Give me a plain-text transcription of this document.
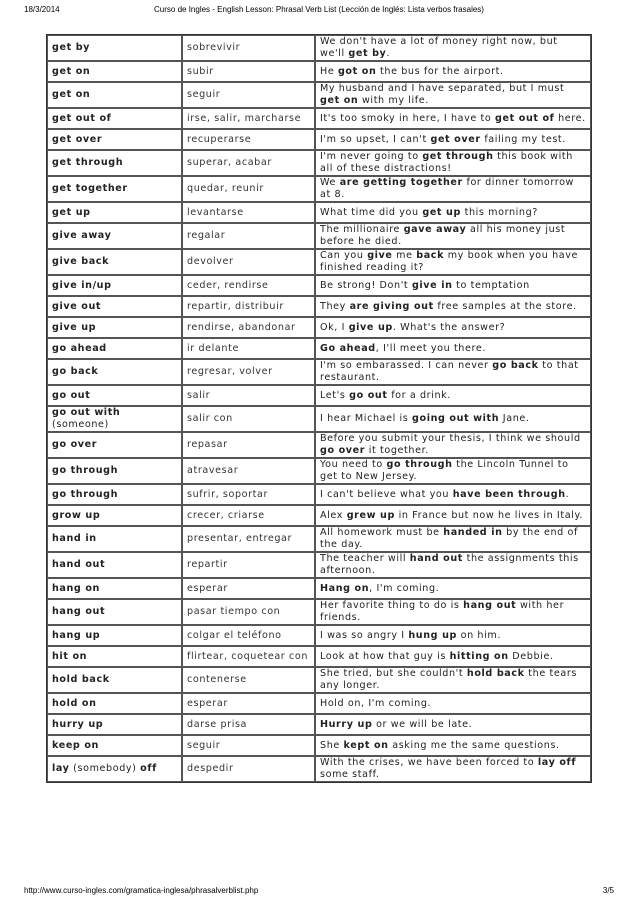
18/3/2014	Curso de Ingles - English Lesson: Phrasal Verb List (Lección de Inglés: Lista verbos frasales)
get by	sobrevivir	We don't have a lot of money right now, but we'll get by.
get on	subir	He got on the bus for the airport.
get on	seguir	My husband and I have separated, but I must get on with my life.
get out of	irse, salir, marcharse	It's too smoky in here, I have to get out of here.
get over	recuperarse	I'm so upset, I can't get over failing my test.
get through	superar, acabar	I'm never going to get through this book with all of these distractions!
get together	quedar, reunir	We are getting together for dinner tomorrow at 8.
get up	levantarse	What time did you get up this morning?
give away	regalar	The millionaire gave away all his money just before he died.
give back	devolver	Can you give me back my book when you have finished reading it?
give in/up	ceder, rendirse	Be strong! Don't give in to temptation
give out	repartir, distribuir	They are giving out free samples at the store.
give up	rendirse, abandonar	Ok, I give up. What's the answer?
go ahead	ir delante	Go ahead, I'll meet you there.
go back	regresar, volver	I'm so embarassed. I can never go back to that restaurant.
go out	salir	Let's go out for a drink.
go out with (someone)	salir con	I hear Michael is going out with Jane.
go over	repasar	Before you submit your thesis, I think we should go over it together.
go through	atravesar	You need to go through the Lincoln Tunnel to get to New Jersey.
go through	sufrir, soportar	I can't believe what you have been through.
grow up	crecer, criarse	Alex grew up in France but now he lives in Italy.
hand in	presentar, entregar	All homework must be handed in by the end of the day.
hand out	repartir	The teacher will hand out the assignments this afternoon.
hang on	esperar	Hang on, I'm coming.
hang out	pasar tiempo con	Her favorite thing to do is hang out with her friends.
hang up	colgar el teléfono	I was so angry I hung up on him.
hit on	flirtear, coquetear con	Look at how that guy is hitting on Debbie.
hold back	contenerse	She tried, but she couldn't hold back the tears any longer.
hold on	esperar	Hold on, I'm coming.
hurry up	darse prisa	Hurry up or we will be late.
keep on	seguir	She kept on asking me the same questions.
lay (somebody) off	despedir	With the crises, we have been forced to lay off some staff.
http://www.curso-ingles.com/gramatica-inglesa/phrasalverblist.php	3/5
